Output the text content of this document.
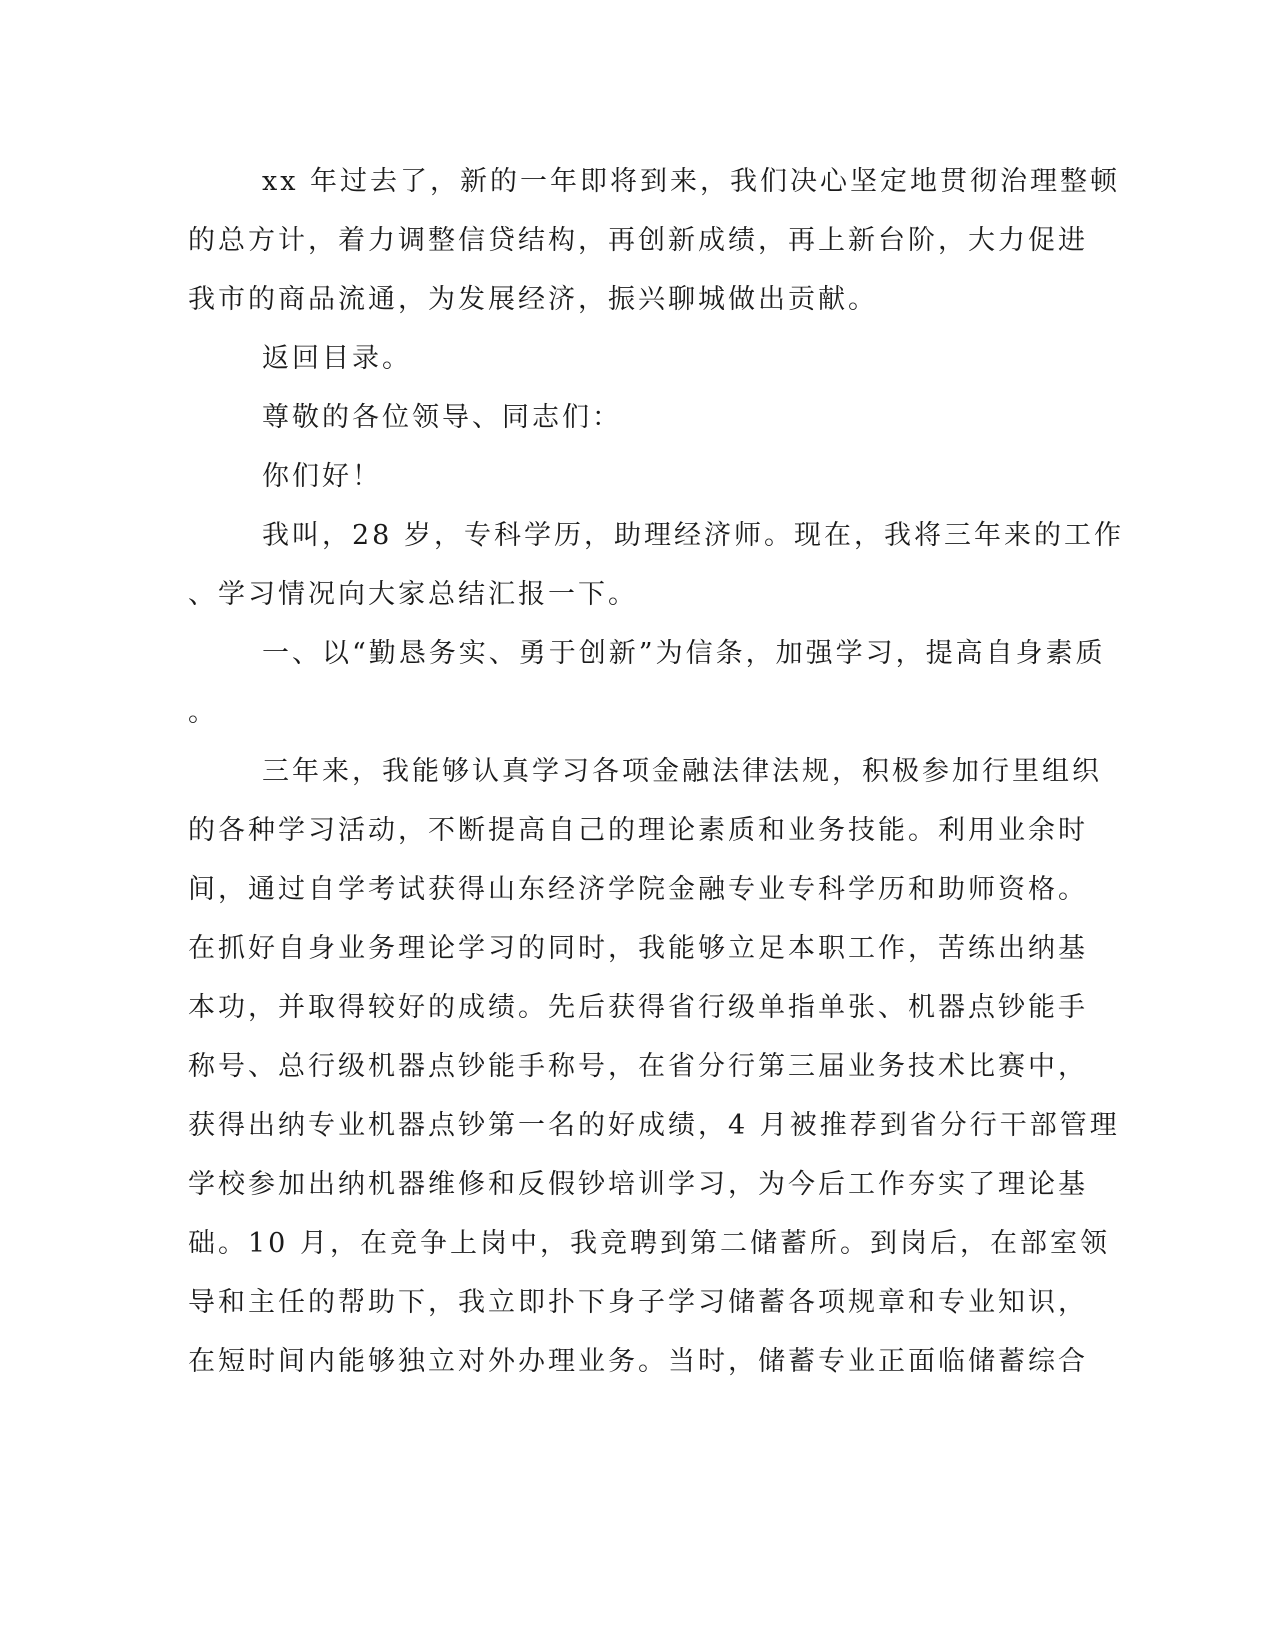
xx 年过去了，新的一年即将到来，我们决心坚定地贯彻治理整顿
的总方计，着力调整信贷结构，再创新成绩，再上新台阶，大力促进
我市的商品流通，为发展经济，振兴聊城做出贡献。
返回目录。
尊敬的各位领导、同志们：
你们好！
我叫，28 岁，专科学历，助理经济师。现在，我将三年来的工作
、学习情况向大家总结汇报一下。
一、以“勤恳务实、勇于创新”为信条，加强学习，提高自身素质
。
三年来，我能够认真学习各项金融法律法规，积极参加行里组织
的各种学习活动，不断提高自己的理论素质和业务技能。利用业余时
间，通过自学考试获得山东经济学院金融专业专科学历和助师资格。
在抓好自身业务理论学习的同时，我能够立足本职工作，苦练出纳基
本功，并取得较好的成绩。先后获得省行级单指单张、机器点钞能手
称号、总行级机器点钞能手称号，在省分行第三届业务技术比赛中，
获得出纳专业机器点钞第一名的好成绩，4 月被推荐到省分行干部管理
学校参加出纳机器维修和反假钞培训学习，为今后工作夯实了理论基
础。10 月，在竞争上岗中，我竞聘到第二储蓄所。到岗后，在部室领
导和主任的帮助下，我立即扑下身子学习储蓄各项规章和专业知识，
在短时间内能够独立对外办理业务。当时，储蓄专业正面临储蓄综合
